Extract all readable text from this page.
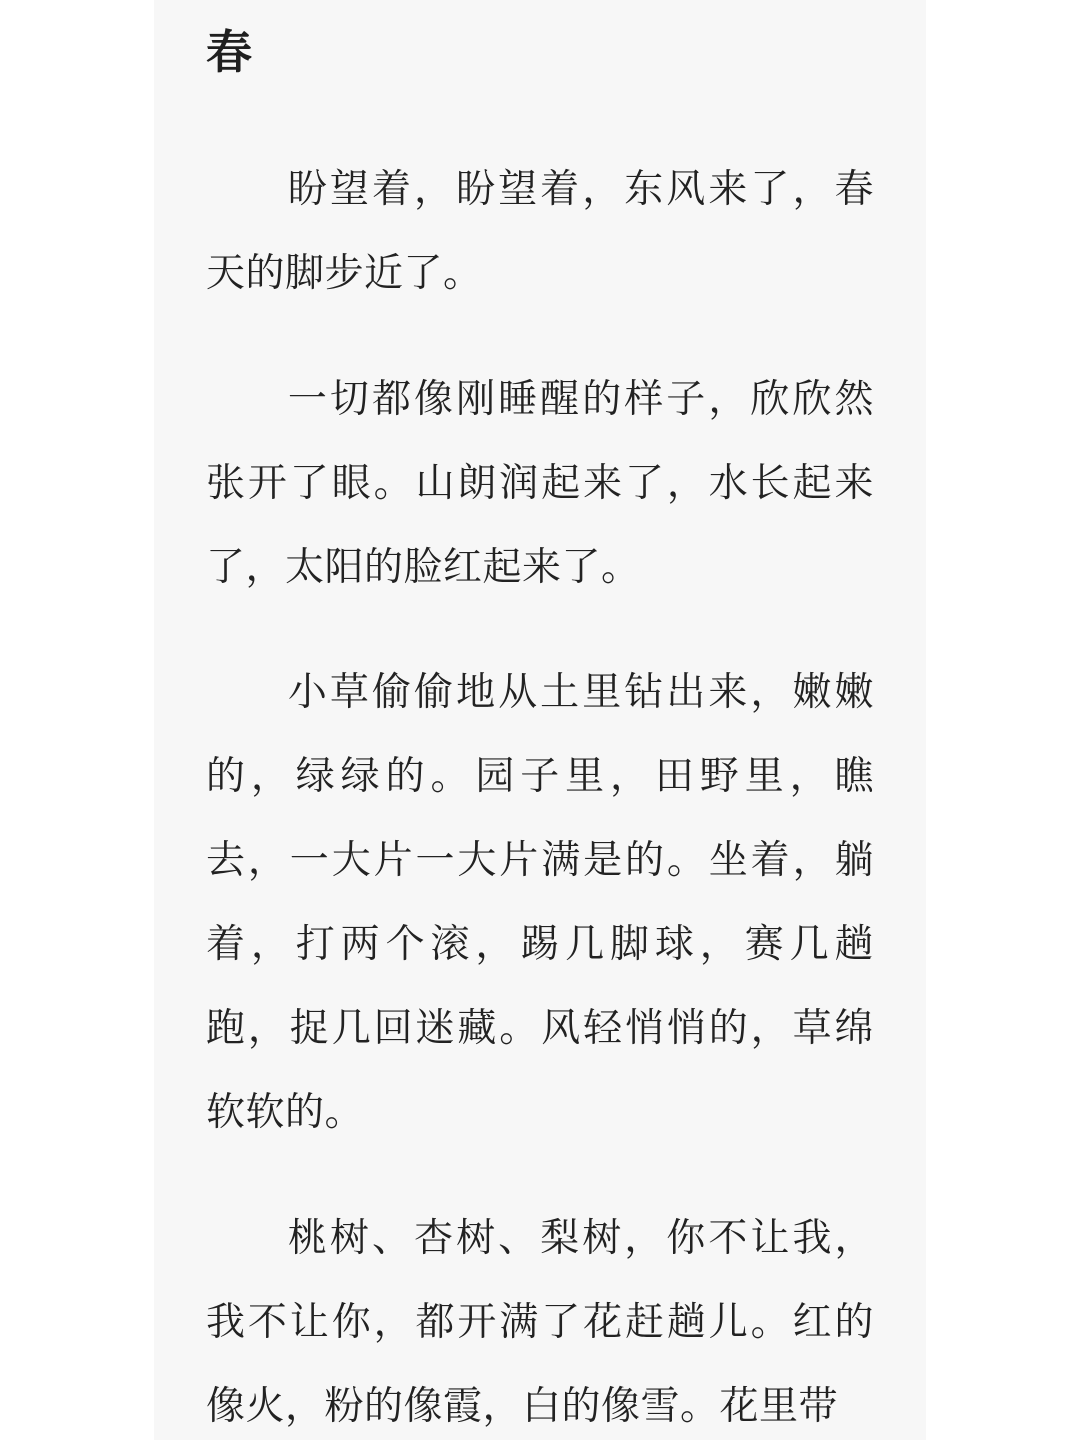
春

盼望着，盼望着，东风来了，春天的脚步近了。

一切都像刚睡醒的样子，欣欣然张开了眼。山朗润起来了，水长起来了，太阳的脸红起来了。

小草偷偷地从土里钻出来，嫩嫩的，绿绿的。园子里，田野里，瞧去，一大片一大片满是的。坐着，躺着，打两个滚，踢几脚球，赛几趟跑，捉几回迷藏。风轻悄悄的，草绵软软的。

桃树、杏树、梨树，你不让我，我不让你，都开满了花赶趟儿。红的像火，粉的像霞，白的像雪。花里带
